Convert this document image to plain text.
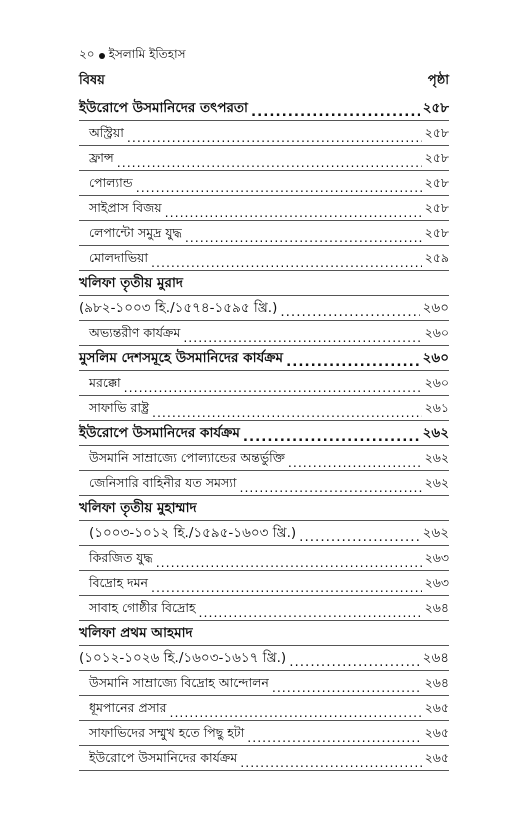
২০ ইসলামি ইতিহাস
বিষয়	পৃষ্ঠা
ইউরোপে উসমানিদের তৎপরতা .....	২৫৮
অস্ট্রিয়া .....	২৫৮
ফ্রান্স .....	২৫৮
পোল্যান্ড .....	২৫৮
সাইপ্রাস বিজয় .....	২৫৮
লেপান্টো সমুদ্র যুদ্ধ .....	২৫৮
মোলদাভিয়া .....	২৫৯
খলিফা তৃতীয় মুরাদ
(৯৮২-১০০৩ হি./১৫৭৪-১৫৯৫ খ্রি.) .....	২৬০
অভ্যন্তরীণ কার্যক্রম .....	২৬০
মুসলিম দেশসমূহে উসমানিদের কার্যক্রম .....	২৬০
মরক্কো .....	২৬০
সাফাভি রাষ্ট্র .....	২৬১
ইউরোপে উসমানিদের কার্যক্রম .....	২৬২
উসমানি সাম্রাজ্যে পোল্যান্ডের অন্তর্ভুক্তি .....	২৬২
জেনিসারি বাহিনীর যত সমস্যা .....	২৬২
খলিফা তৃতীয় মুহাম্মাদ
(১০০৩-১০১২ হি./১৫৯৫-১৬০৩ খ্রি.) .....	২৬২
কিরজিত যুদ্ধ .....	২৬৩
বিদ্রোহ দমন .....	২৬৩
সাবাহ গোষ্ঠীর বিদ্রোহ .....	২৬৪
খলিফা প্রথম আহমাদ
(১০১২-১০২৬ হি./১৬০৩-১৬১৭ খ্রি.) .....	২৬৪
উসমানি সাম্রাজ্যে বিদ্রোহ আন্দোলন .....	২৬৪
ধূমপানের প্রসার .....	২৬৫
সাফাভিদের সম্মুখ হতে পিছু হটা .....	২৬৫
ইউরোপে উসমানিদের কার্যক্রম .....	২৬৫
